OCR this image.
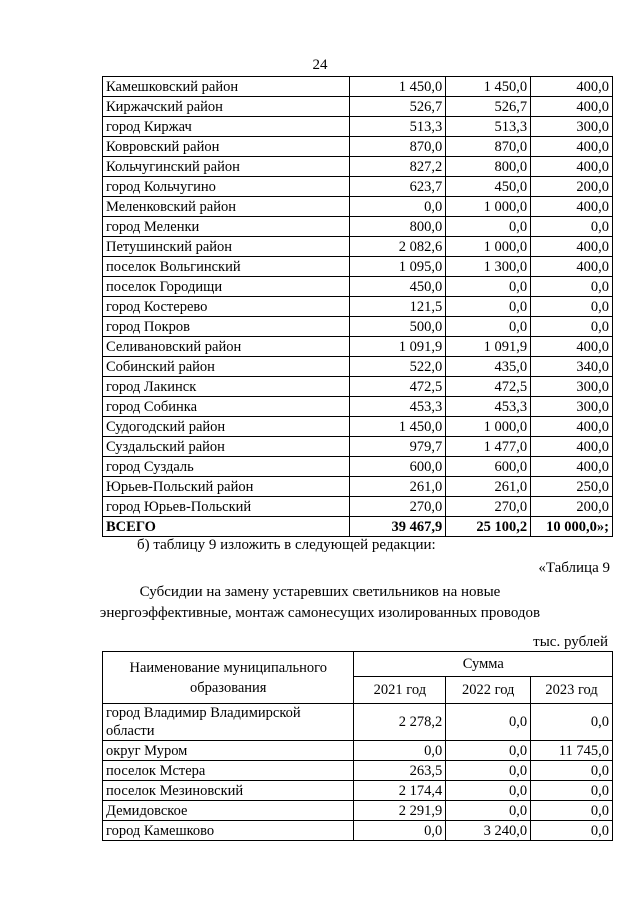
24
Камешковский район	1 450,0	1 450,0	400,0
Киржачский район	526,7	526,7	400,0
город Киржач	513,3	513,3	300,0
Ковровский район	870,0	870,0	400,0
Кольчугинский район	827,2	800,0	400,0
город Кольчугино	623,7	450,0	200,0
Меленковский район	0,0	1 000,0	400,0
город Меленки	800,0	0,0	0,0
Петушинский район	2 082,6	1 000,0	400,0
поселок Вольгинский	1 095,0	1 300,0	400,0
поселок Городищи	450,0	0,0	0,0
город Костерево	121,5	0,0	0,0
город Покров	500,0	0,0	0,0
Селивановский район	1 091,9	1 091,9	400,0
Собинский район	522,0	435,0	340,0
город Лакинск	472,5	472,5	300,0
город Собинка	453,3	453,3	300,0
Судогодский район	1 450,0	1 000,0	400,0
Суздальский район	979,7	1 477,0	400,0
город Суздаль	600,0	600,0	400,0
Юрьев-Польский район	261,0	261,0	250,0
город Юрьев-Польский	270,0	270,0	200,0
ВСЕГО	39 467,9	25 100,2	10 000,0»;
б) таблицу 9 изложить в следующей редакции:
«Таблица 9
Субсидии на замену устаревших светильников на новые
энергоэффективные, монтаж самонесущих изолированных проводов
тыс. рублей
Наименование муниципального
образования	Сумма		
	2021 год	2022 год	2023 год
город Владимир Владимирской области	2 278,2	0,0	0,0
округ Муром	0,0	0,0	11 745,0
поселок Мстера	263,5	0,0	0,0
поселок Мезиновский	2 174,4	0,0	0,0
Демидовское	2 291,9	0,0	0,0
город Камешково	0,0	3 240,0	0,0
